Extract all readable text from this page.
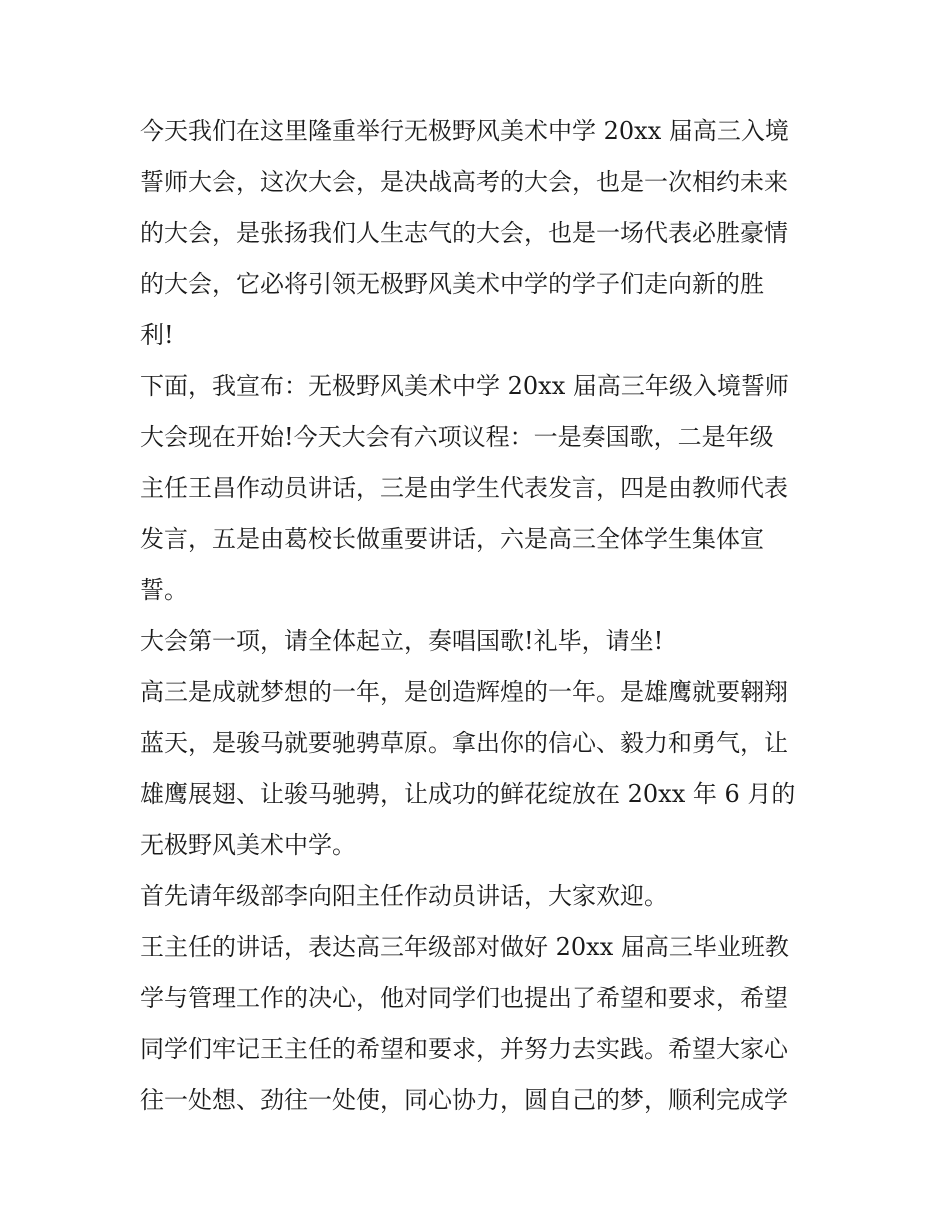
今天我们在这里隆重举行无极野风美术中学 20xx 届高三入境
誓师大会，这次大会，是决战高考的大会，也是一次相约未来
的大会，是张扬我们人生志气的大会，也是一场代表必胜豪情
的大会，它必将引领无极野风美术中学的学子们走向新的胜
利!
下面，我宣布：无极野风美术中学 20xx 届高三年级入境誓师
大会现在开始!今天大会有六项议程：一是奏国歌，二是年级
主任王昌作动员讲话，三是由学生代表发言，四是由教师代表
发言，五是由葛校长做重要讲话，六是高三全体学生集体宣
誓。
大会第一项，请全体起立，奏唱国歌!礼毕，请坐!
高三是成就梦想的一年，是创造辉煌的一年。是雄鹰就要翱翔
蓝天，是骏马就要驰骋草原。拿出你的信心、毅力和勇气，让
雄鹰展翅、让骏马驰骋，让成功的鲜花绽放在 20xx 年 6 月的
无极野风美术中学。
首先请年级部李向阳主任作动员讲话，大家欢迎。
王主任的讲话，表达高三年级部对做好 20xx 届高三毕业班教
学与管理工作的决心，他对同学们也提出了希望和要求，希望
同学们牢记王主任的希望和要求，并努力去实践。希望大家心
往一处想、劲往一处使，同心协力，圆自己的梦，顺利完成学
